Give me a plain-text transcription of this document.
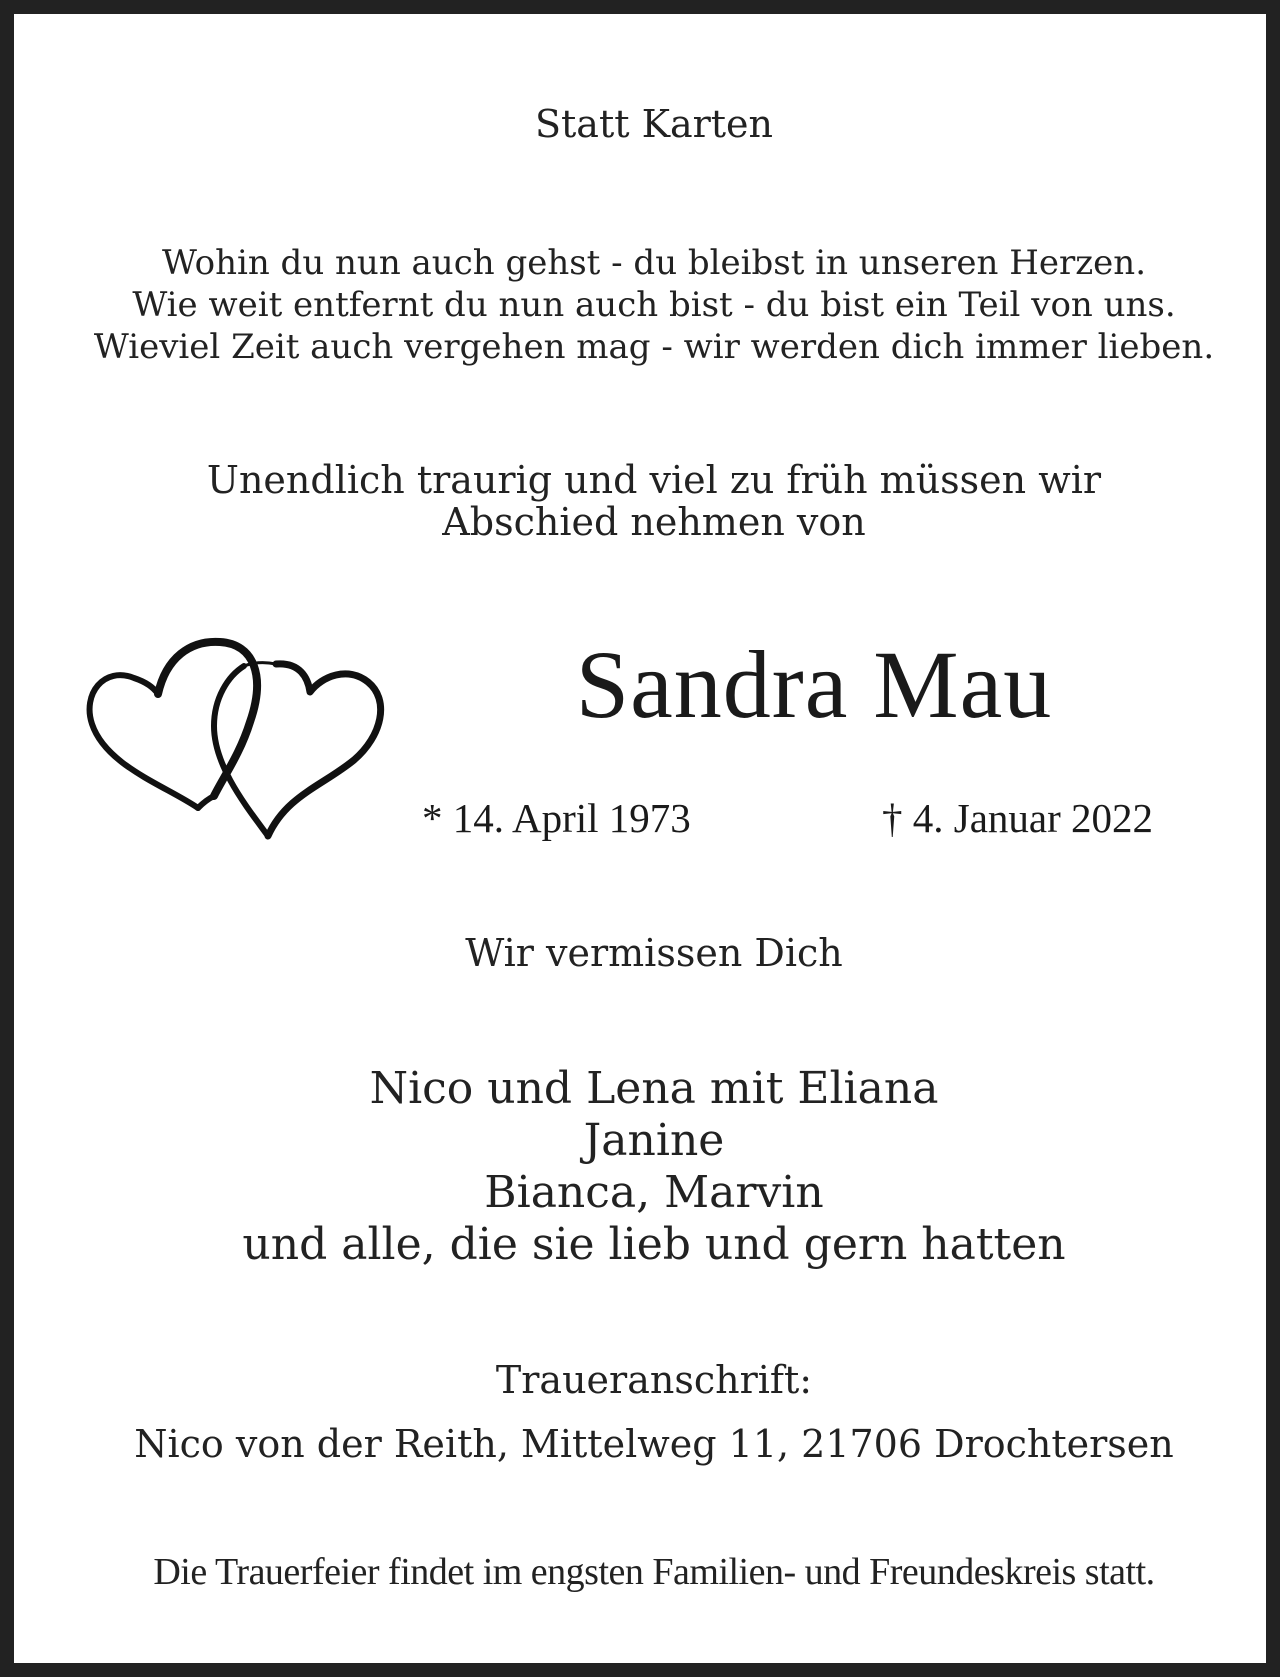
Statt Karten
Wohin du nun auch gehst - du bleibst in unseren Herzen.
Wie weit entfernt du nun auch bist - du bist ein Teil von uns.
Wieviel Zeit auch vergehen mag - wir werden dich immer lieben.
Unendlich traurig und viel zu früh müssen wir
Abschied nehmen von
Sandra Mau
* 14. April 1973	† 4. Januar 2022
Wir vermissen Dich
Nico und Lena mit Eliana
Janine
Bianca, Marvin
und alle, die sie lieb und gern hatten
Traueranschrift:
Nico von der Reith, Mittelweg 11, 21706 Drochtersen
Die Trauerfeier findet im engsten Familien- und Freundeskreis statt.
